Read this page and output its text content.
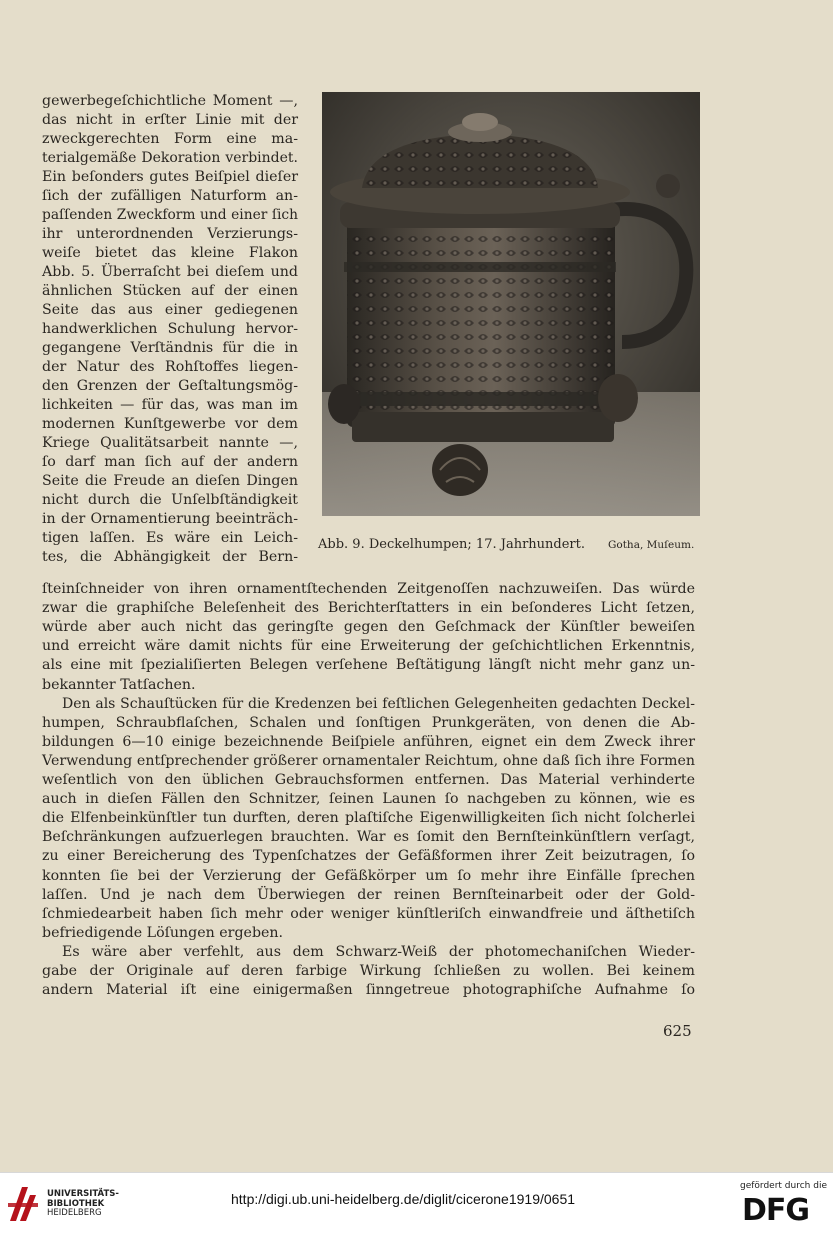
gewerbegeſchichtliche Moment —,

das nicht in erſter Linie mit der

zweckgerechten Form eine ma-

terialgemäße Dekoration verbindet.

Ein beſonders gutes Beiſpiel dieſer

ſich der zufälligen Naturform an-

paſſenden Zweckform und einer ſich

ihr unterordnenden Verzierungs-

weiſe bietet das kleine Flakon

Abb. 5. Überraſcht bei dieſem und

ähnlichen Stücken auf der einen

Seite das aus einer gediegenen

handwerklichen Schulung hervor-

gegangene Verſtändnis für die in

der Natur des Rohſtoffes liegen-

den Grenzen der Geſtaltungsmög-

lichkeiten — für das, was man im

modernen Kunſtgewerbe vor dem

Kriege Qualitätsarbeit nannte —,

ſo darf man ſich auf der andern

Seite die Freude an dieſen Dingen

nicht durch die Unſelbſtändigkeit

in der Ornamentierung beeinträch-

tigen laſſen. Es wäre ein Leich-

tes, die Abhängigkeit der Bern-

ſteinſchneider von ihren ornamentſtechenden Zeitgenoſſen nachzuweiſen. Das würde

zwar die graphiſche Beleſenheit des Berichterſtatters in ein beſonderes Licht ſetzen,

würde aber auch nicht das geringſte gegen den Geſchmack der Künſtler beweiſen

und erreicht wäre damit nichts für eine Erweiterung der geſchichtlichen Erkenntnis,

als eine mit ſpezialiſierten Belegen verſehene Beſtätigung längſt nicht mehr ganz un-

bekannter Tatſachen.

Den als Schauſtücken für die Kredenzen bei feſtlichen Gelegenheiten gedachten Deckel-

humpen, Schraubflaſchen, Schalen und ſonſtigen Prunkgeräten, von denen die Ab-

bildungen 6—10 einige bezeichnende Beiſpiele anführen, eignet ein dem Zweck ihrer

Verwendung entſprechender größerer ornamentaler Reichtum, ohne daß ſich ihre Formen

weſentlich von den üblichen Gebrauchsformen entfernen. Das Material verhinderte

auch in dieſen Fällen den Schnitzer, ſeinen Launen ſo nachgeben zu können, wie es

die Elfenbeinkünſtler tun durften, deren plaſtiſche Eigenwilligkeiten ſich nicht ſolcherlei

Beſchränkungen aufzuerlegen brauchten. War es ſomit den Bernſteinkünſtlern verſagt,

zu einer Bereicherung des Typenſchatzes der Gefäßformen ihrer Zeit beizutragen, ſo

konnten ſie bei der Verzierung der Gefäßkörper um ſo mehr ihre Einfälle ſprechen

laſſen. Und je nach dem Überwiegen der reinen Bernſteinarbeit oder der Gold-

ſchmiedearbeit haben ſich mehr oder weniger künſtleriſch einwandfreie und äſthetiſch

befriedigende Löſungen ergeben.

Es wäre aber verfehlt, aus dem Schwarz-Weiß der photomechaniſchen Wieder-

gabe der Originale auf deren farbige Wirkung ſchließen zu wollen. Bei keinem

andern Material iſt eine einigermaßen ſinngetreue photographiſche Aufnahme ſo

Abb. 9. Deckelhumpen; 17. Jahrhundert. Gotha, Muſeum.
625
UNIVERSITÄTS-
BIBLIOTHEK
HEIDELBERG
http://digi.ub.uni-heidelberg.de/diglit/cicerone1919/0651
gefördert durch die
DFG
